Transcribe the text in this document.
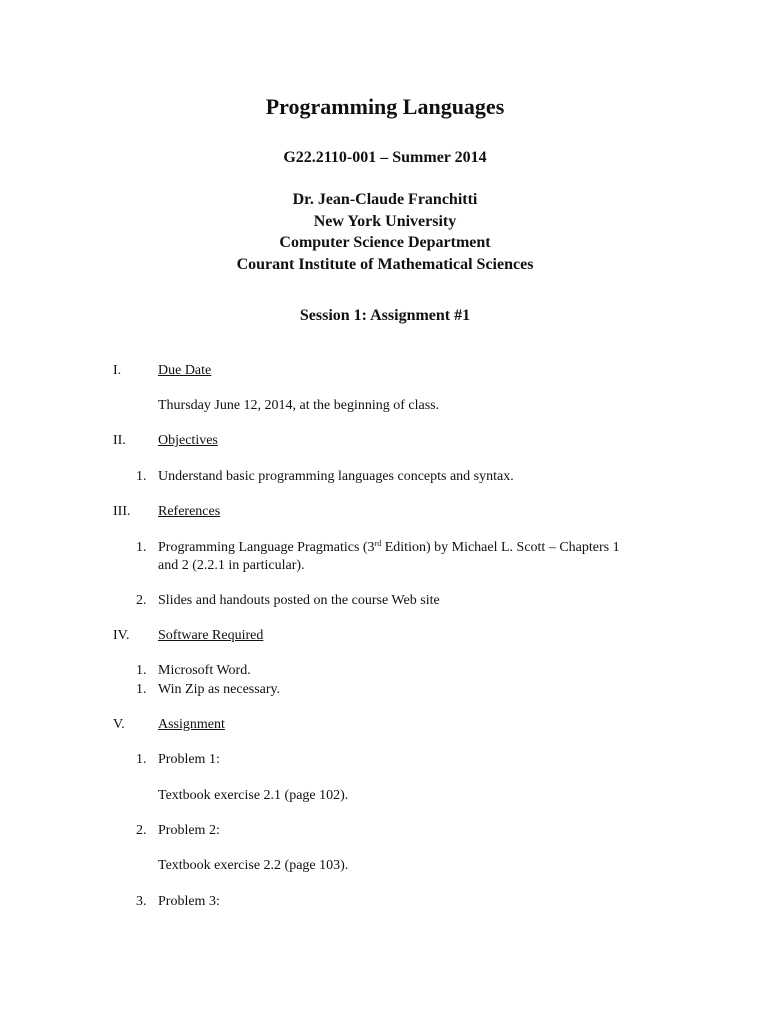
Programming Languages
G22.2110-001 – Summer 2014
Dr. Jean-Claude Franchitti
New York University
Computer Science Department
Courant Institute of Mathematical Sciences
Session 1: Assignment #1
I.	Due Date
Thursday June 12, 2014, at the beginning of class.
II. Objectives
1. Understand basic programming languages concepts and syntax.
III. References
1. Programming Language Pragmatics (3rd Edition) by Michael L. Scott – Chapters 1
and 2 (2.2.1 in particular).
2. Slides and handouts posted on the course Web site
IV. Software Required
1. Microsoft Word.
1. Win Zip as necessary.
V. Assignment
1. Problem 1:
Textbook exercise 2.1 (page 102).
2. Problem 2:
Textbook exercise 2.2 (page 103).
3. Problem 3:
